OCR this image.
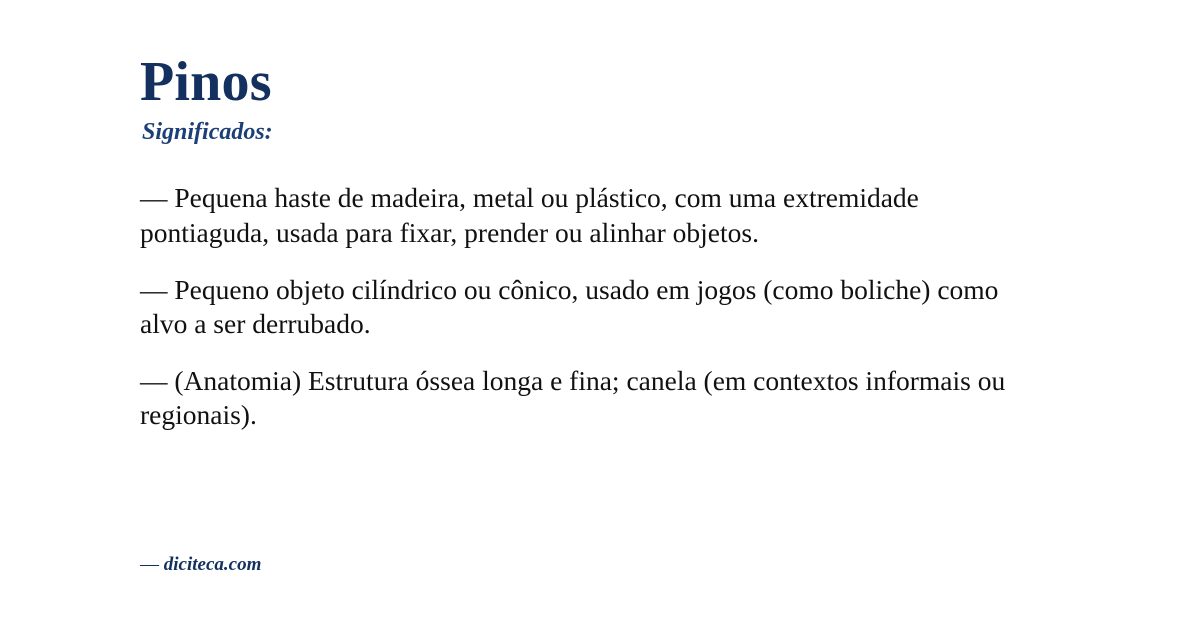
Pinos
Significados:

— Pequena haste de madeira, metal ou plástico, com uma extremidade pontiaguda, usada para fixar, prender ou alinhar objetos.

— Pequeno objeto cilíndrico ou cônico, usado em jogos (como boliche) como alvo a ser derrubado.

— (Anatomia) Estrutura óssea longa e fina; canela (em contextos informais ou regionais).

— diciteca.com
